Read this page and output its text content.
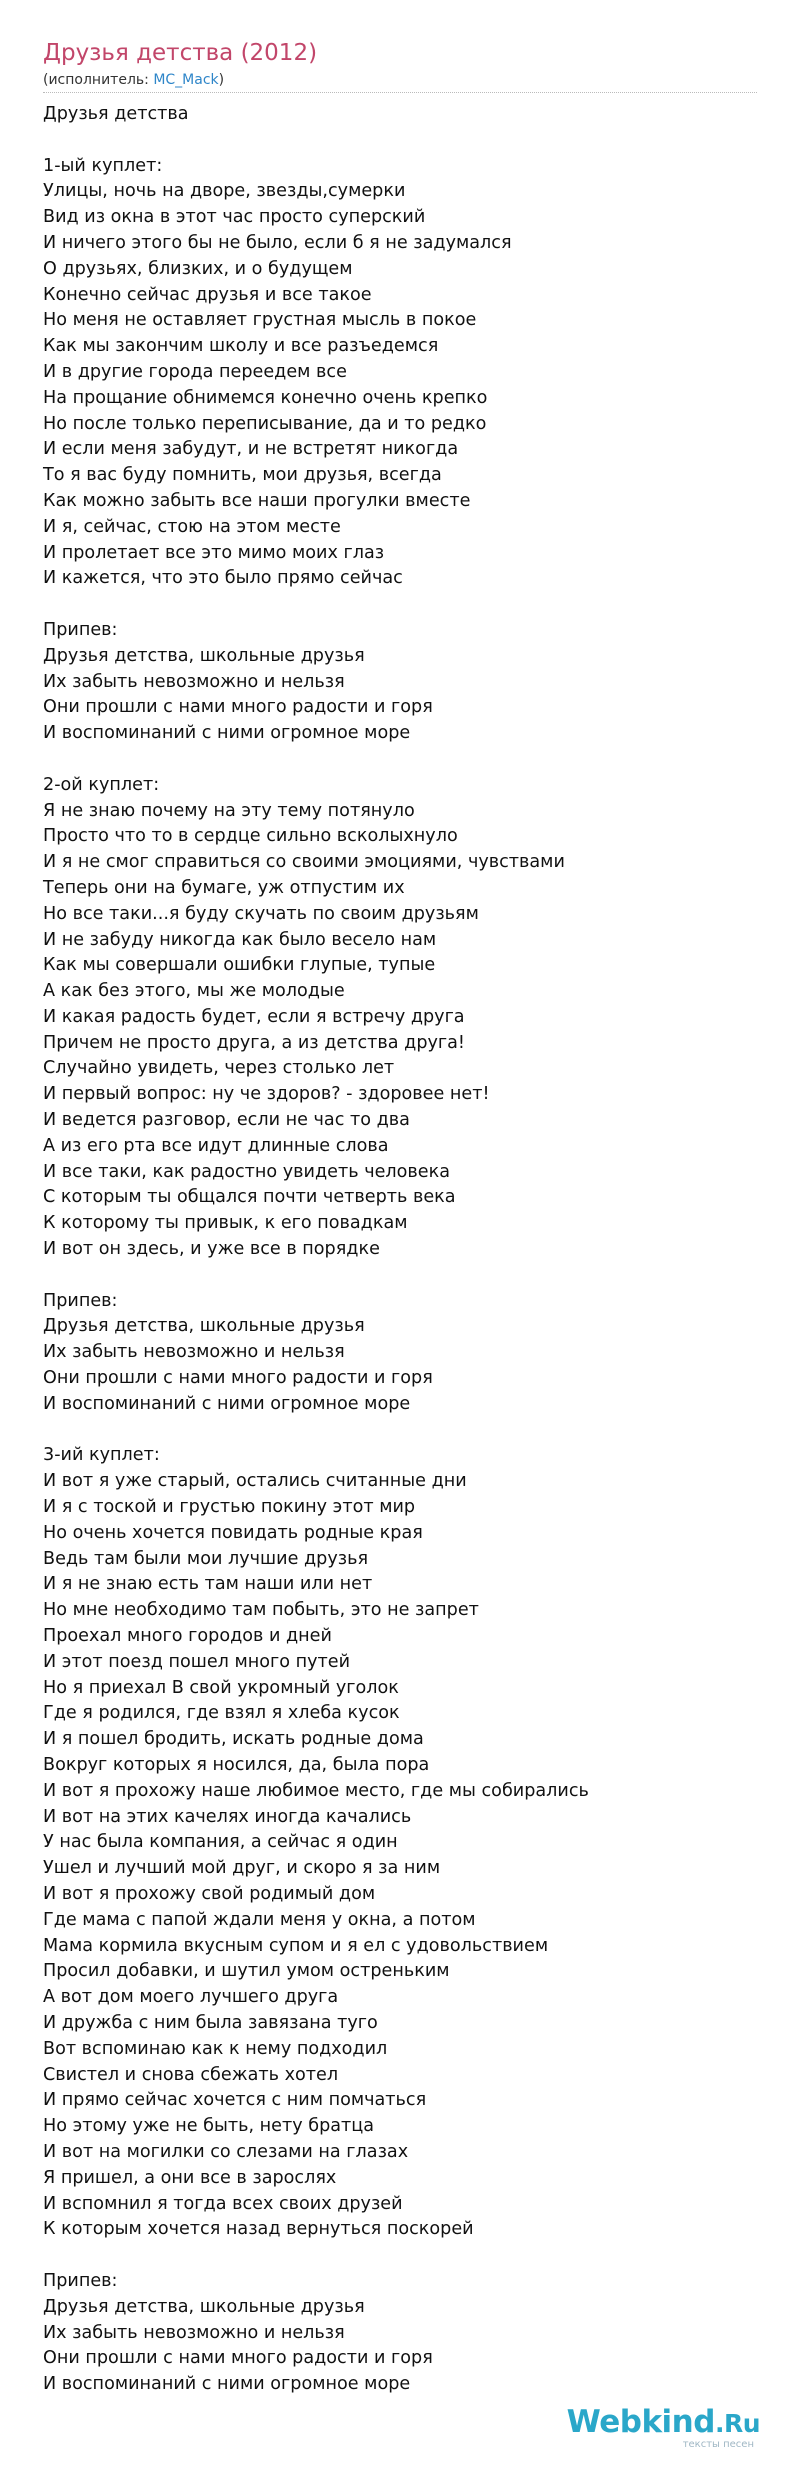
Друзья детства (2012)
(исполнитель: MC_Mack)
Друзья детства
1-ый куплет:
Улицы, ночь на дворе, звезды,сумерки
Вид из окна в этот час просто суперский
И ничего этого бы не было, если б я не задумался
О друзьях, близких, и о будущем
Конечно сейчас друзья и все такое
Но меня не оставляет грустная мысль в покое
Как мы закончим школу и все разъедемся
И в другие города переедем все
На прощание обнимемся конечно очень крепко
Но после только переписывание, да и то редко
И если меня забудут, и не встретят никогда
То я вас буду помнить, мои друзья, всегда
Как можно забыть все наши прогулки вместе
И я, сейчас, стою на этом месте
И пролетает все это мимо моих глаз
И кажется, что это было прямо сейчас
Припев:
Друзья детства, школьные друзья
Их забыть невозможно и нельзя
Они прошли с нами много радости и горя
И воспоминаний с ними огромное море
2-ой куплет:
Я не знаю почему на эту тему потянуло
Просто что то в сердце сильно всколыхнуло
И я не смог справиться со своими эмоциями, чувствами
Теперь они на бумаге, уж отпустим их
Но все таки...я буду скучать по своим друзьям
И не забуду никогда как было весело нам
Как мы совершали ошибки глупые, тупые
А как без этого, мы же молодые
И какая радость будет, если я встречу друга
Причем не просто друга, а из детства друга!
Случайно увидеть, через столько лет
И первый вопрос: ну че здоров? - здоровее нет!
И ведется разговор, если не час то два
А из его рта все идут длинные слова
И все таки, как радостно увидеть человека
С которым ты общался почти четверть века
К которому ты привык, к его повадкам
И вот он здесь, и уже все в порядке
Припев:
Друзья детства, школьные друзья
Их забыть невозможно и нельзя
Они прошли с нами много радости и горя
И воспоминаний с ними огромное море
3-ий куплет:
И вот я уже старый, остались считанные дни
И я с тоской и грустью покину этот мир
Но очень хочется повидать родные края
Ведь там были мои лучшие друзья
И я не знаю есть там наши или нет
Но мне необходимо там побыть, это не запрет
Проехал много городов и дней
И этот поезд пошел много путей
Но я приехал В свой укромный уголок
Где я родился, где взял я хлеба кусок
И я пошел бродить, искать родные дома
Вокруг которых я носился, да, была пора
И вот я прохожу наше любимое место, где мы собирались
И вот на этих качелях иногда качались
У нас была компания, а сейчас я один
Ушел и лучший мой друг, и скоро я за ним
И вот я прохожу свой родимый дом
Где мама с папой ждали меня у окна, а потом
Мама кормила вкусным супом и я ел с удовольствием
Просил добавки, и шутил умом остреньким
А вот дом моего лучшего друга
И дружба с ним была завязана туго
Вот вспоминаю как к нему подходил
Свистел и снова сбежать хотел
И прямо сейчас хочется с ним помчаться
Но этому уже не быть, нету братца
И вот на могилки со слезами на глазах
Я пришел, а они все в зарослях
И вспомнил я тогда всех своих друзей
К которым хочется назад вернуться поскорей
Припев:
Друзья детства, школьные друзья
Их забыть невозможно и нельзя
Они прошли с нами много радости и горя
И воспоминаний с ними огромное море
Webkind.Ru
тексты песен
